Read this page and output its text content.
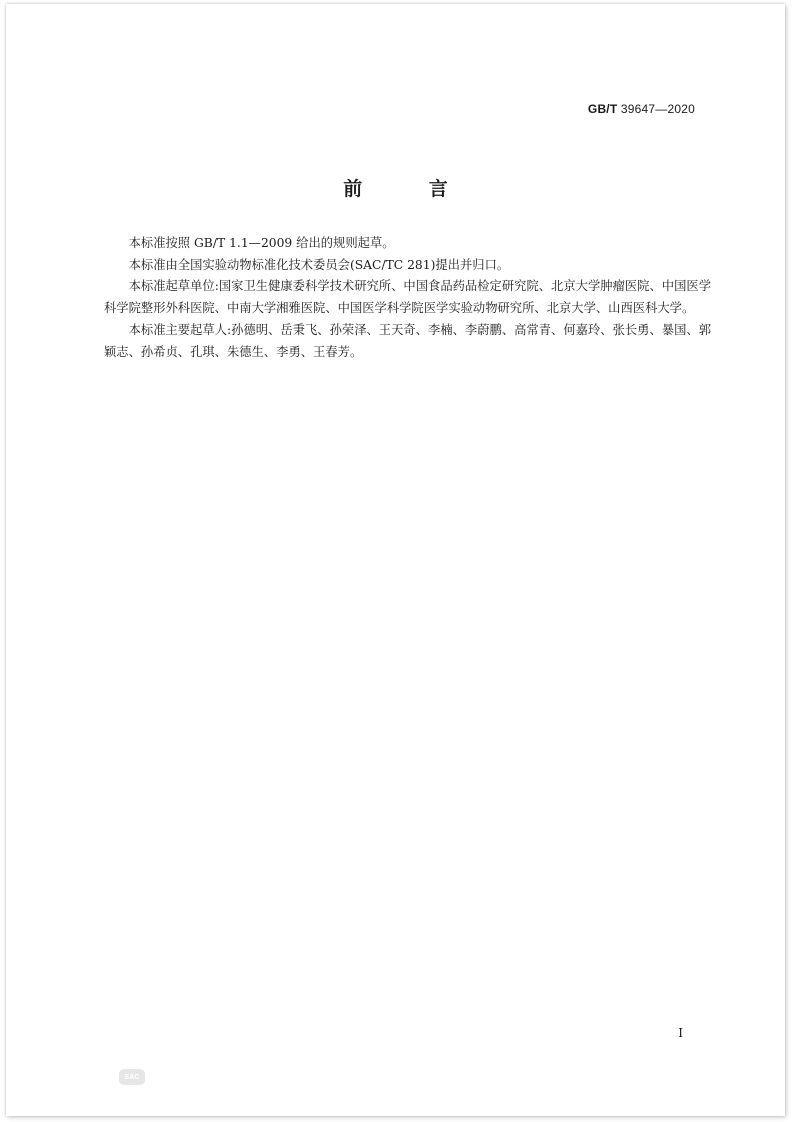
GB/T 39647—2020
前 言

本标准按照 GB/T 1.1—2009 给出的规则起草。

本标准由全国实验动物标准化技术委员会(SAC/TC 281)提出并归口。

本标准起草单位:国家卫生健康委科学技术研究所、中国食品药品检定研究院、北京大学肿瘤医院、中国医学科学院整形外科医院、中南大学湘雅医院、中国医学科学院医学实验动物研究所、北京大学、山西医科大学。

本标准主要起草人:孙德明、岳秉飞、孙荣泽、王天奇、李楠、李蔚鹏、高常青、何嘉玲、张长勇、暴国、郭颖志、孙希贞、孔琪、朱德生、李勇、王春芳。

I
SAC
